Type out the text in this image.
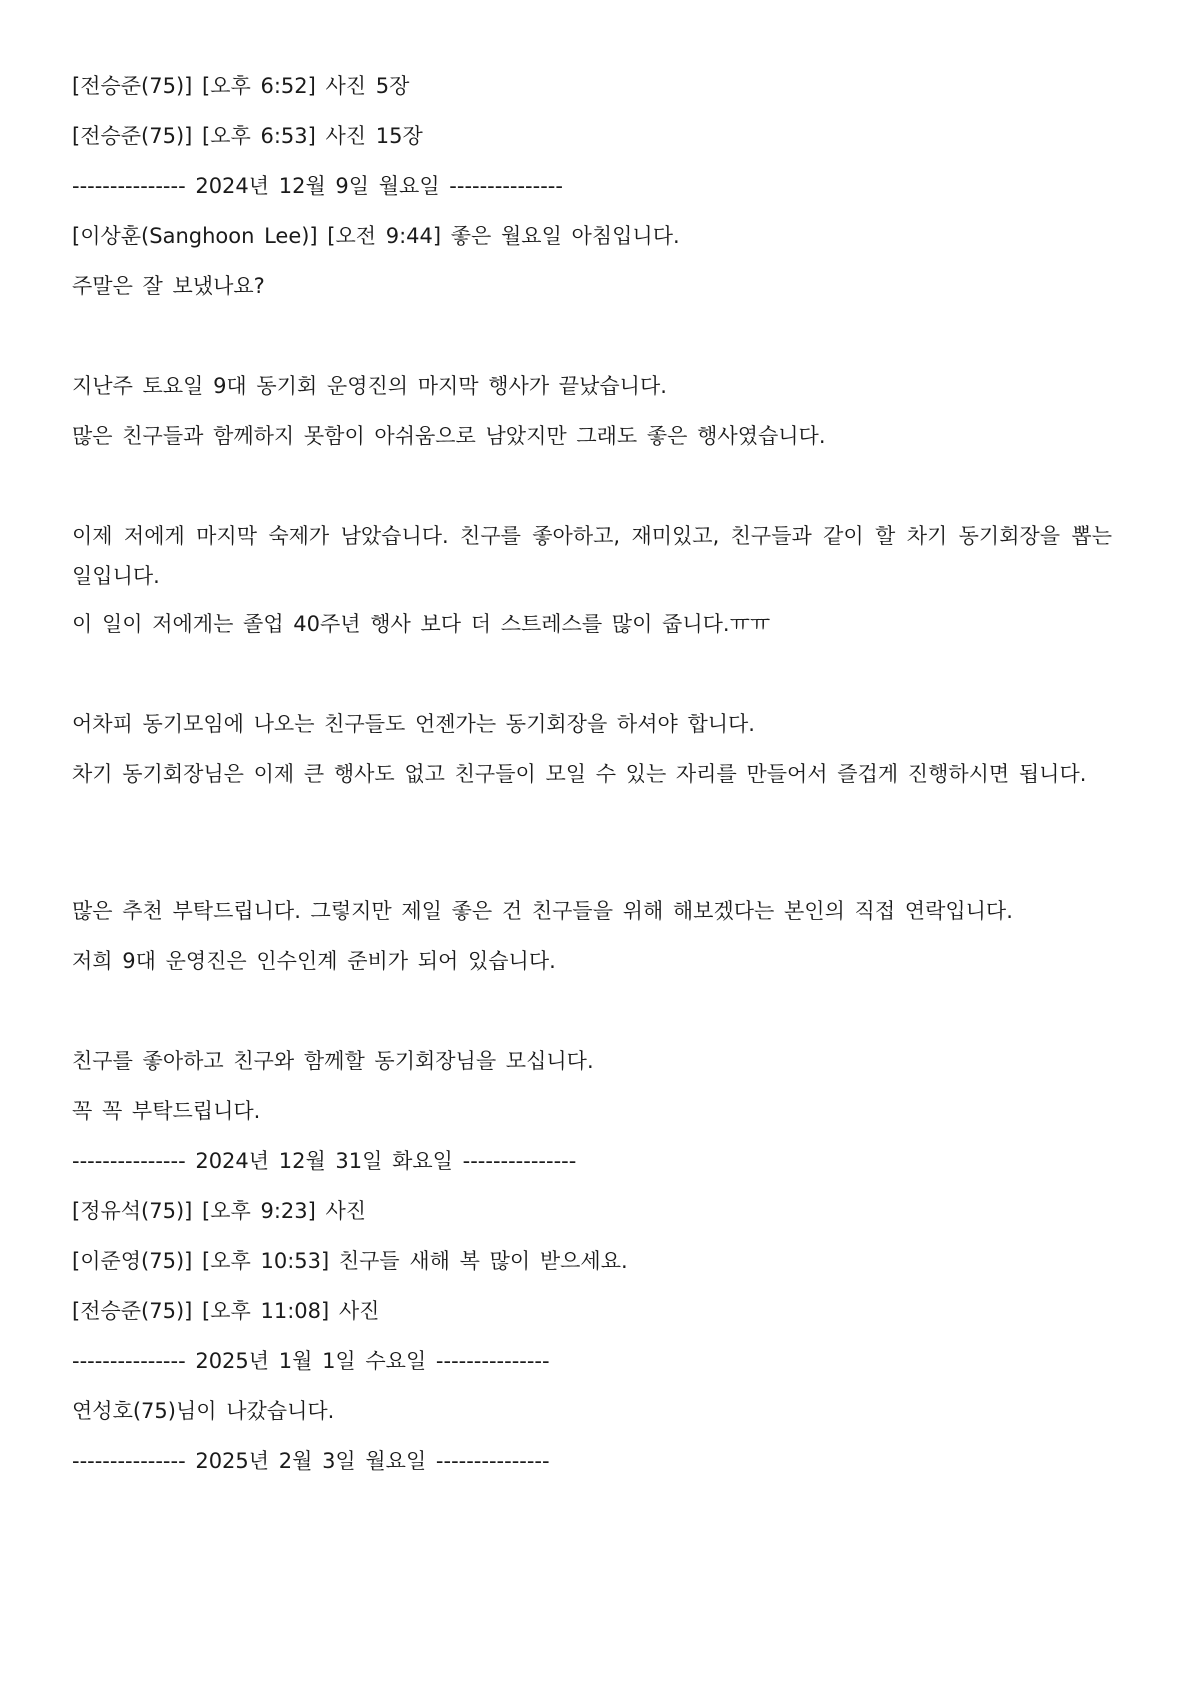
[전승준(75)] [오후 6:52] 사진 5장
[전승준(75)] [오후 6:53] 사진 15장
--------------- 2024년 12월 9일 월요일 ---------------
[이상훈(Sanghoon Lee)] [오전 9:44] 좋은 월요일 아침입니다.
주말은 잘 보냈나요?
지난주 토요일 9대 동기회 운영진의 마지막 행사가 끝났습니다.
많은 친구들과 함께하지 못함이 아쉬움으로 남았지만 그래도 좋은 행사였습니다.
이제 저에게 마지막 숙제가 남았습니다. 친구를 좋아하고, 재미있고, 친구들과 같이 할 차기 동기회장을 뽑는 일입니다.
이 일이 저에게는 졸업 40주년 행사 보다 더 스트레스를 많이 줍니다.ㅠㅠ
어차피 동기모임에 나오는 친구들도 언젠가는 동기회장을 하셔야 합니다.
차기 동기회장님은 이제 큰 행사도 없고 친구들이 모일 수 있는 자리를 만들어서 즐겁게 진행하시면 됩니다.
많은 추천 부탁드립니다. 그렇지만 제일 좋은 건 친구들을 위해 해보겠다는 본인의 직접 연락입니다.
저희 9대 운영진은 인수인계 준비가 되어 있습니다.
친구를 좋아하고 친구와 함께할 동기회장님을 모십니다.
꼭 꼭 부탁드립니다.
--------------- 2024년 12월 31일 화요일 ---------------
[정유석(75)] [오후 9:23] 사진
[이준영(75)] [오후 10:53] 친구들 새해 복 많이 받으세요.
[전승준(75)] [오후 11:08] 사진
--------------- 2025년 1월 1일 수요일 ---------------
연성호(75)님이 나갔습니다.
--------------- 2025년 2월 3일 월요일 ---------------
